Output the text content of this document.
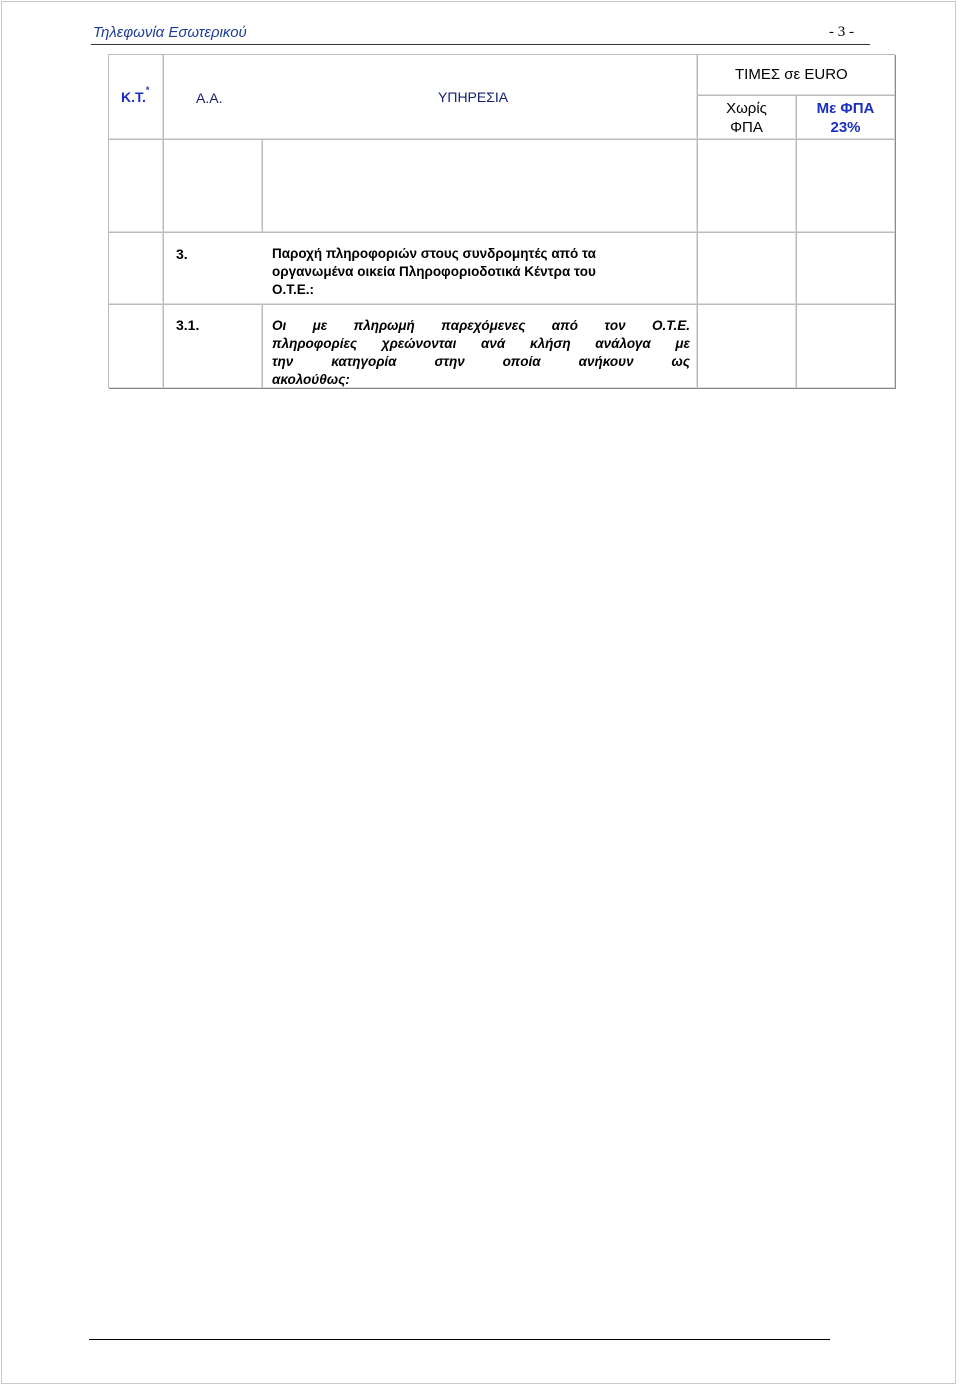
Τηλεφωνία Εσωτερικού	- 3 -
Κ.Τ.*	Α.Α.	ΥΠΗΡΕΣΙΑ
ΤΙΜΕΣ σε EURO
Χωρίς
ΦΠΑ
Με ΦΠΑ
23%
3.	Παροχή πληροφοριών στους συνδρομητές από τα
οργανωμένα οικεία Πληροφοριοδοτικά Κέντρα του
Ο.Τ.Ε.:
3.1.	Οι με πληρωμή παρεχόμενες από τον Ο.Τ.Ε.
πληροφορίες χρεώνονται ανά κλήση ανάλογα με
την κατηγορία στην οποία ανήκουν ως
ακολούθως:
